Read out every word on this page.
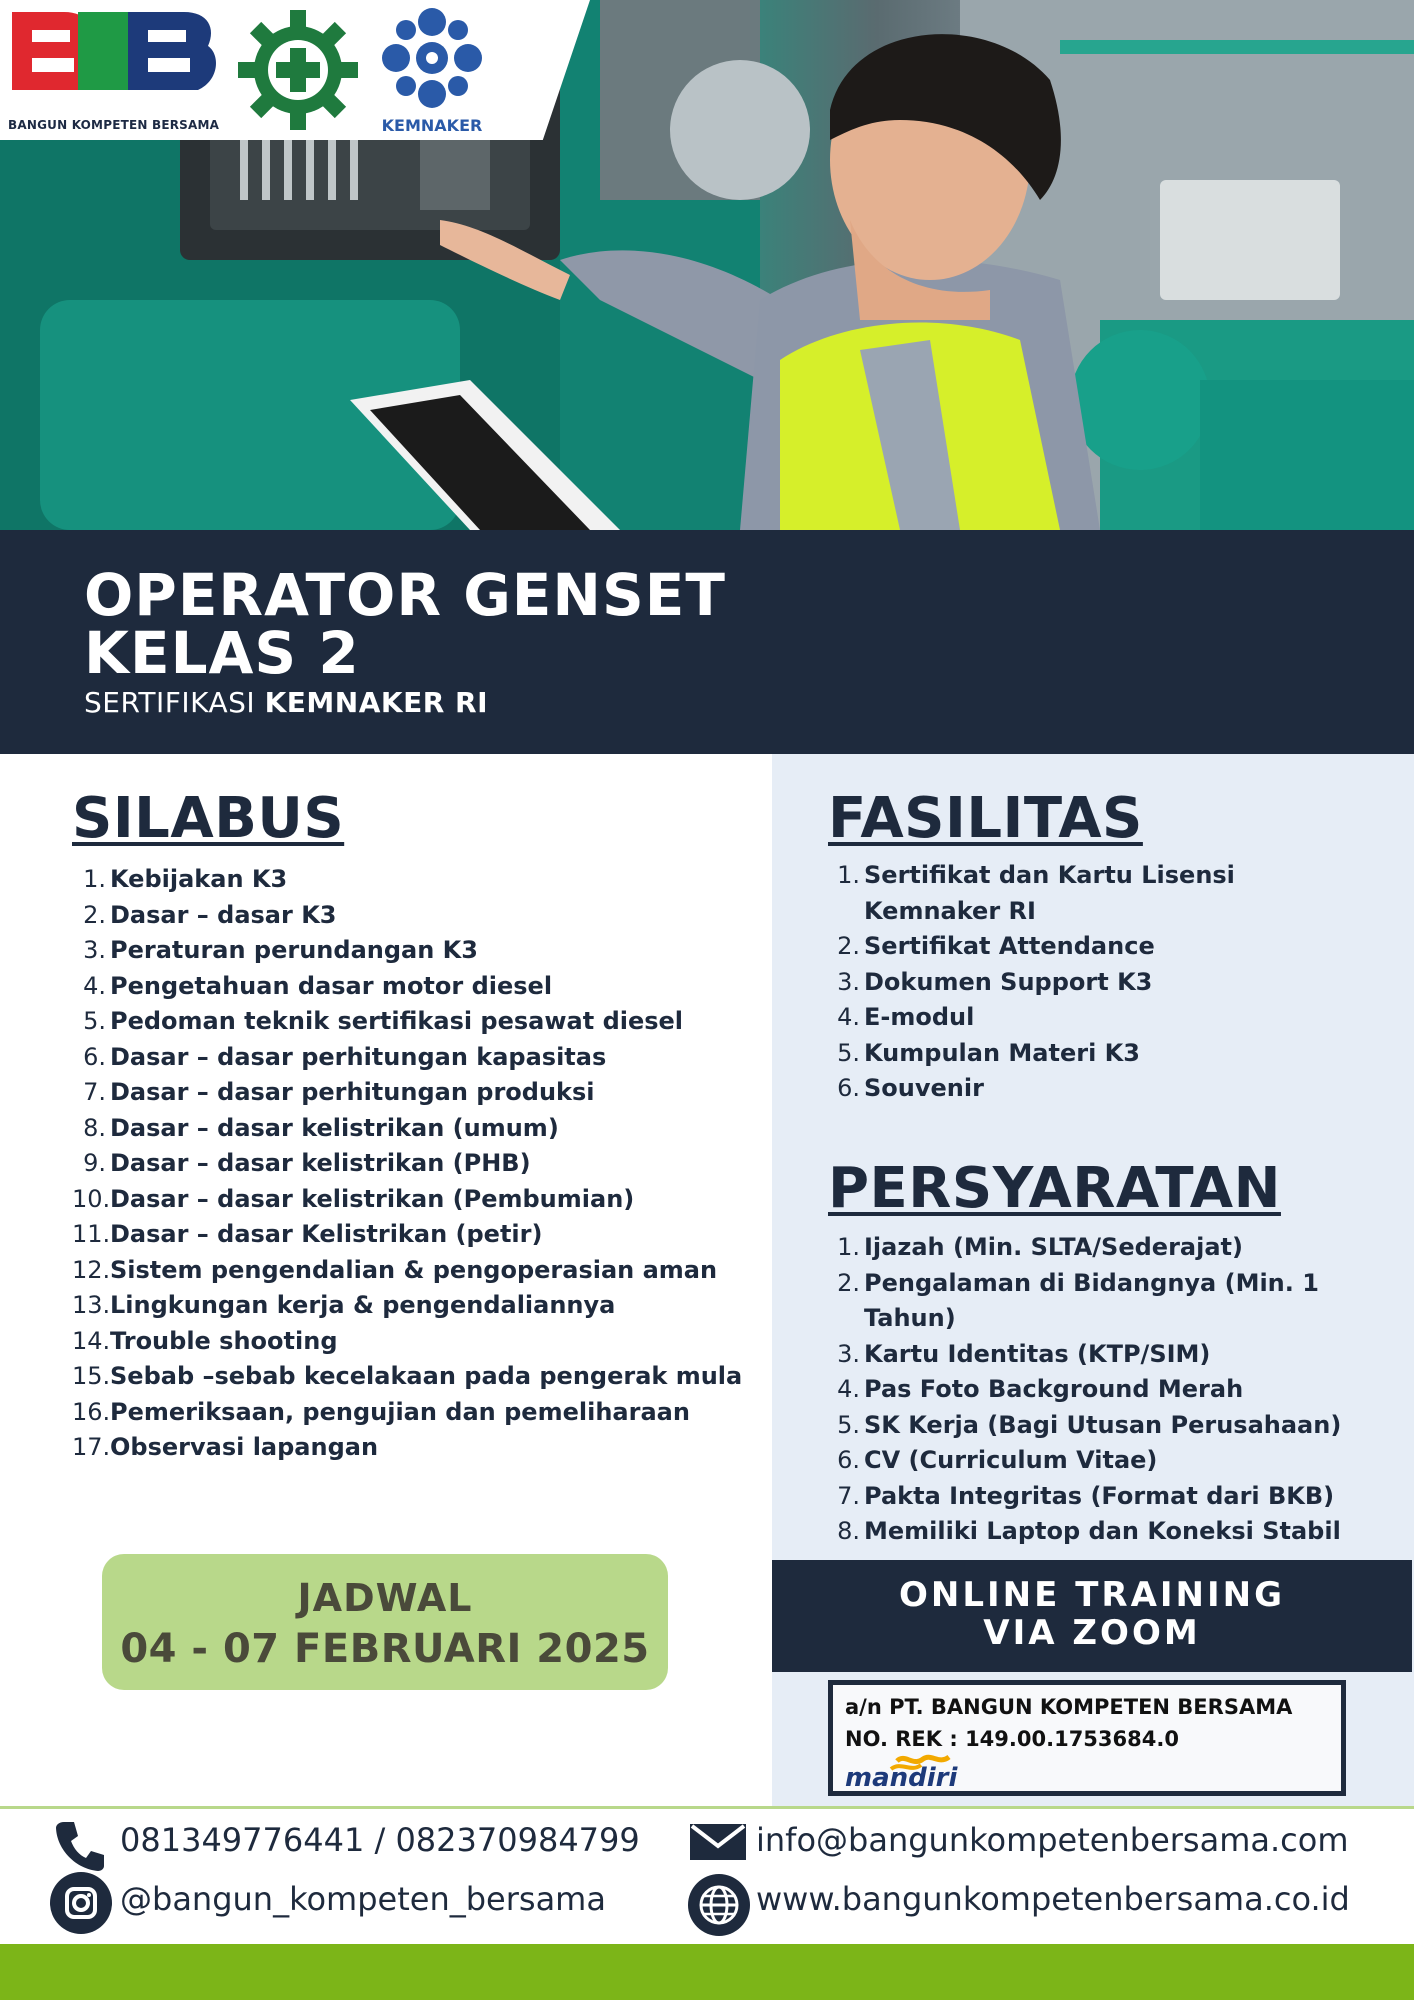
BANGUN KOMPETEN BERSAMA	KEMNAKER
OPERATOR GENSET
KELAS 2
SERTIFIKASI KEMNAKER RI
SILABUS
1. Kebijakan K3
2. Dasar – dasar K3
3. Peraturan perundangan K3
4. Pengetahuan dasar motor diesel
5. Pedoman teknik sertifikasi pesawat diesel
6. Dasar – dasar perhitungan kapasitas
7. Dasar – dasar perhitungan produksi
8. Dasar – dasar kelistrikan (umum)
9. Dasar – dasar kelistrikan (PHB)
10. Dasar – dasar kelistrikan (Pembumian)
11. Dasar – dasar Kelistrikan (petir)
12. Sistem pengendalian & pengoperasian aman
13. Lingkungan kerja & pengendaliannya
14. Trouble shooting
15. Sebab –sebab kecelakaan pada pengerak mula
16. Pemeriksaan, pengujian dan pemeliharaan
17. Observasi lapangan
FASILITAS
1. Sertifikat dan Kartu Lisensi Kemnaker RI
2. Sertifikat Attendance
3. Dokumen Support K3
4. E-modul
5. Kumpulan Materi K3
6. Souvenir
PERSYARATAN
1. Ijazah (Min. SLTA/Sederajat)
2. Pengalaman di Bidangnya (Min. 1 Tahun)
3. Kartu Identitas (KTP/SIM)
4. Pas Foto Background Merah
5. SK Kerja (Bagi Utusan Perusahaan)
6. CV (Curriculum Vitae)
7. Pakta Integritas (Format dari BKB)
8. Memiliki Laptop dan Koneksi Stabil
JADWAL
04 - 07 FEBRUARI 2025
ONLINE TRAINING
VIA ZOOM
a/n PT. BANGUN KOMPETEN BERSAMA
NO. REK : 149.00.1753684.0
mandiri
081349776441 / 082370984799	info@bangunkompetenbersama.com
@bangun_kompeten_bersama	www.bangunkompetenbersama.co.id
